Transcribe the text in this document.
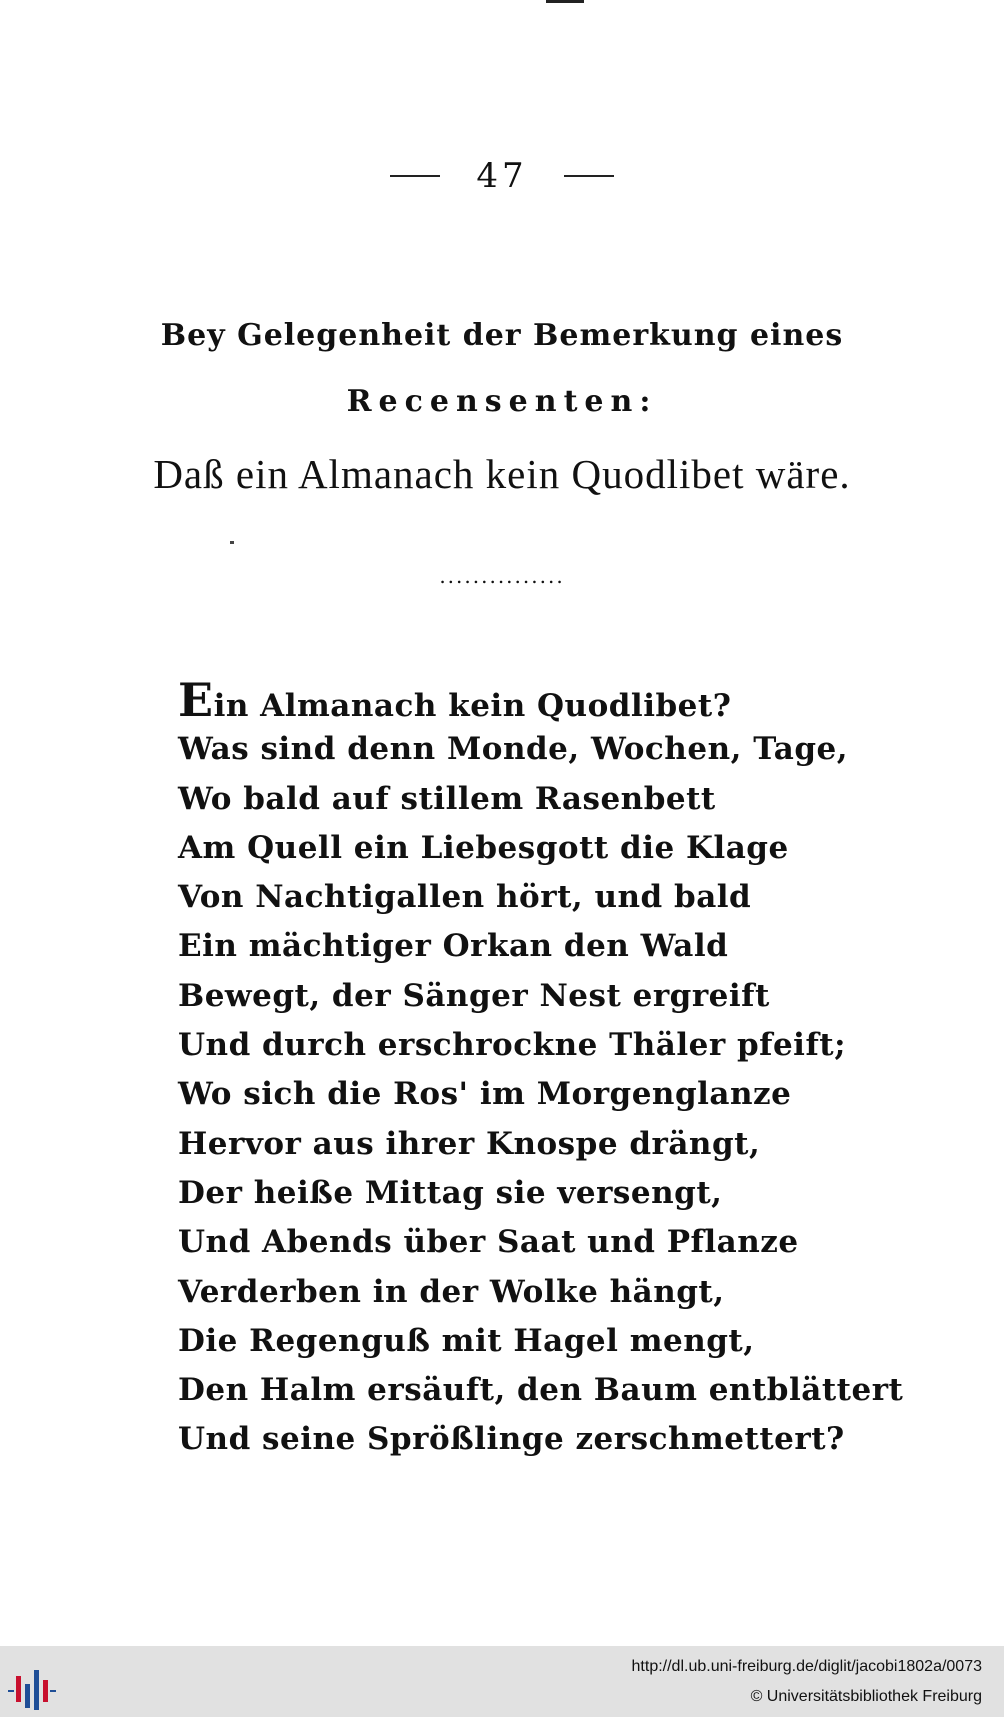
47
Bey Gelegenheit der Bemerkung eines
Recensenten:
Daß ein Almanach kein Quodlibet wäre.
...............
Ein Almanach kein Quodlibet?
Was sind denn Monde, Wochen, Tage,
Wo bald auf stillem Rasenbett
Am Quell ein Liebesgott die Klage
Von Nachtigallen hört, und bald
Ein mächtiger Orkan den Wald
Bewegt, der Sänger Nest ergreift
Und durch erschrockne Thäler pfeift;
Wo sich die Ros' im Morgenglanze
Hervor aus ihrer Knospe drängt,
Der heiße Mittag sie versengt,
Und Abends über Saat und Pflanze
Verderben in der Wolke hängt,
Die Regenguß mit Hagel mengt,
Den Halm ersäuft, den Baum entblättert
Und seine Sprößlinge zerschmettert?
http://dl.ub.uni-freiburg.de/diglit/jacobi1802a/0073
© Universitätsbibliothek Freiburg
